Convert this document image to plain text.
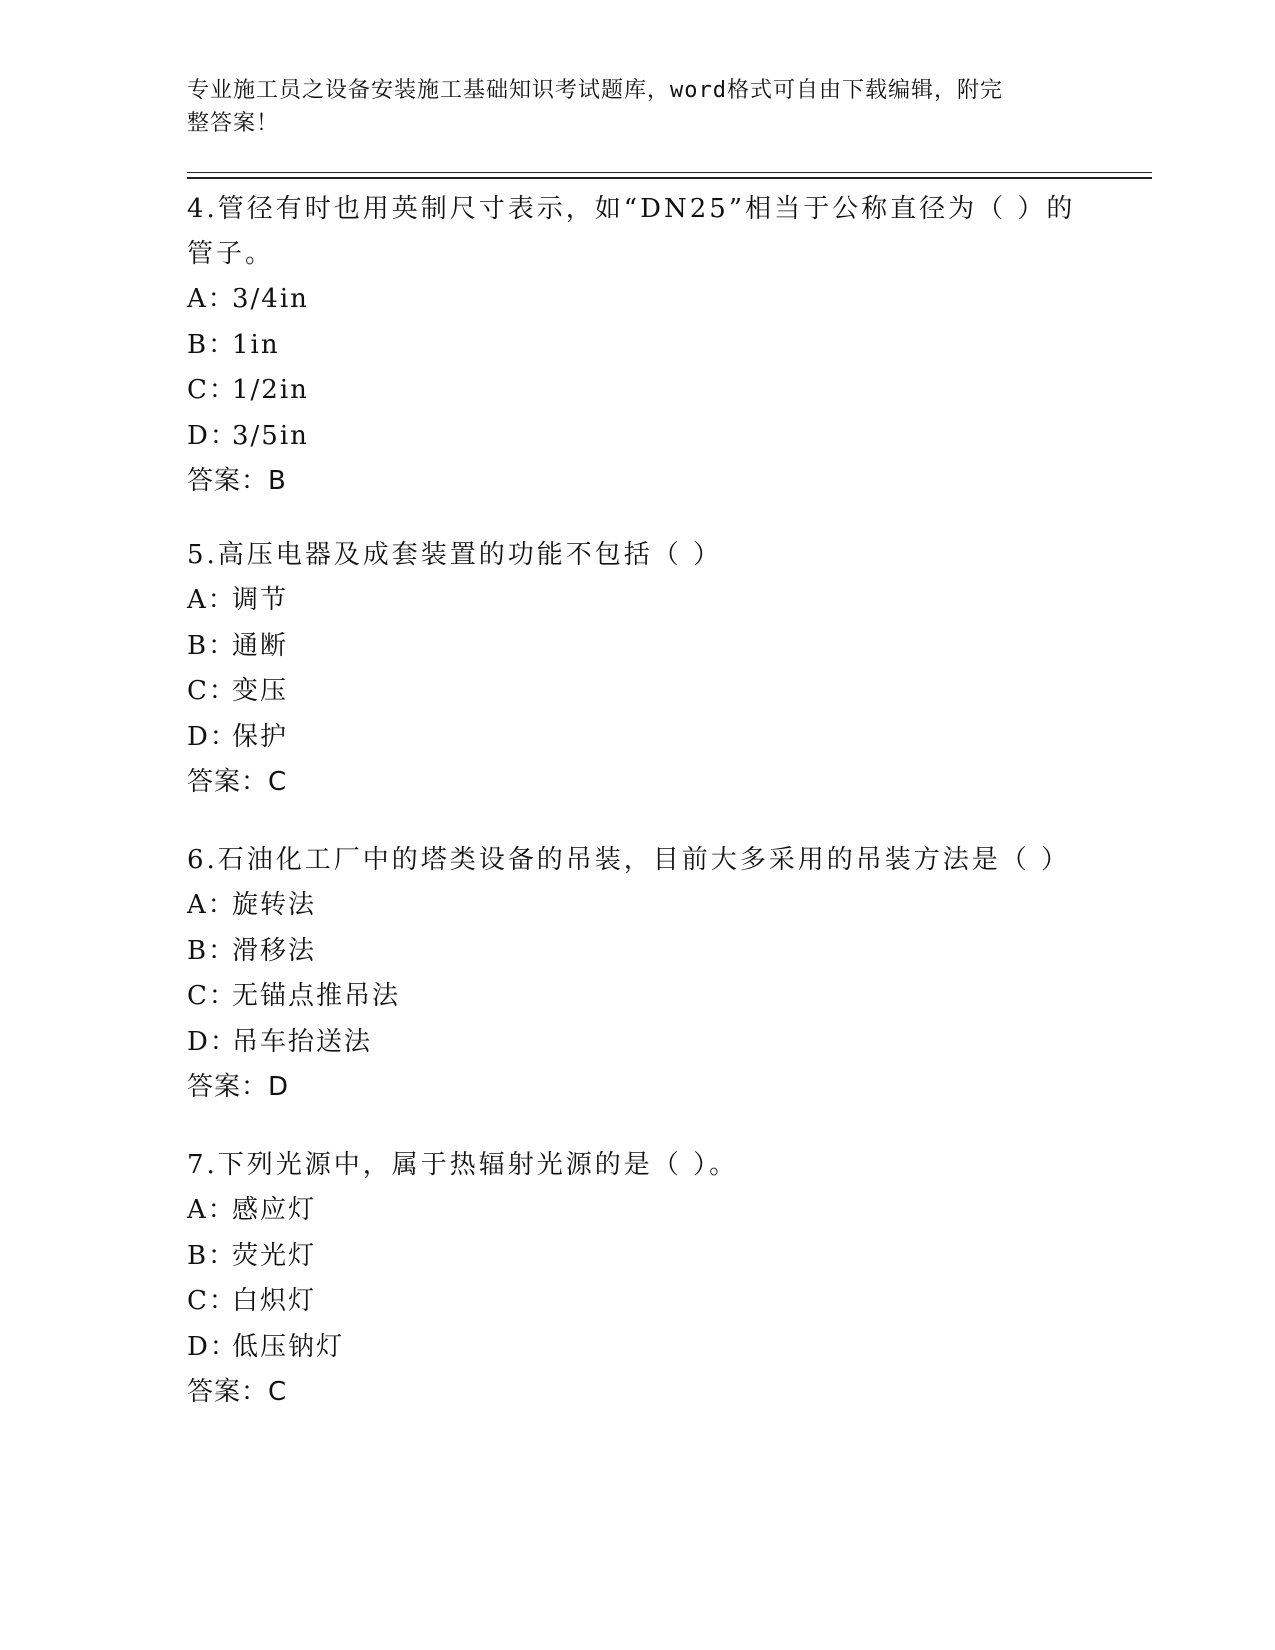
专业施工员之设备安装施工基础知识考试题库，word格式可自由下载编辑，附完
整答案！
4.管径有时也用英制尺寸表示，如“DN25”相当于公称直径为（ ）的
管子。
A：3/4in
B：1in
C：1/2in
D：3/5in
答案：B
5.高压电器及成套装置的功能不包括（ ）
A：调节
B：通断
C：变压
D：保护
答案：C
6.石油化工厂中的塔类设备的吊装，目前大多采用的吊装方法是（ ）
A：旋转法
B：滑移法
C：无锚点推吊法
D：吊车抬送法
答案：D
7.下列光源中，属于热辐射光源的是（ ）。
A：感应灯
B：荧光灯
C：白炽灯
D：低压钠灯
答案：C
